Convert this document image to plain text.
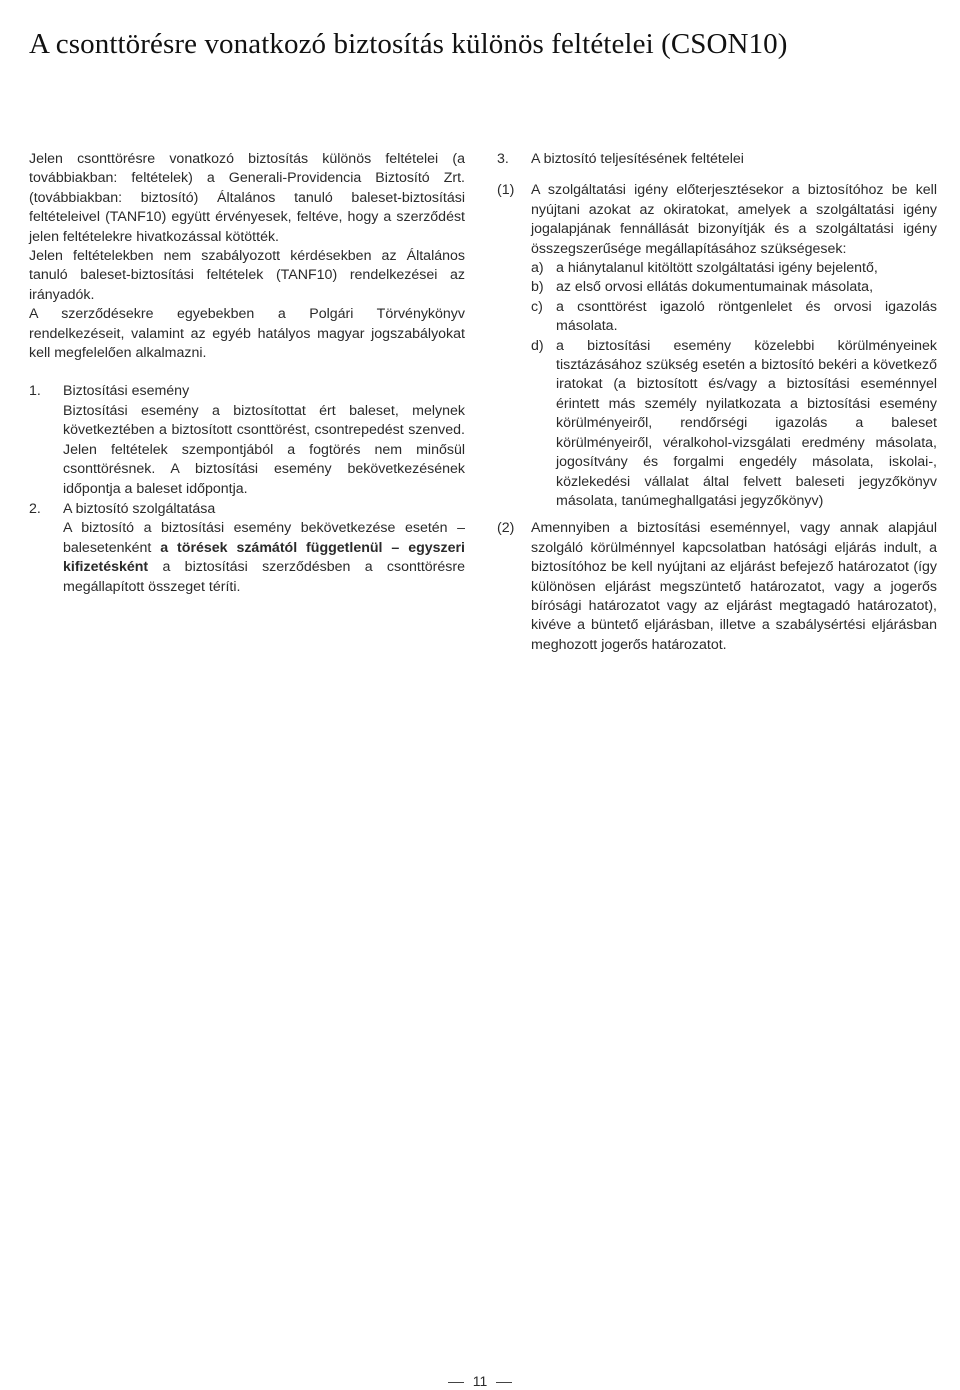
A csonttörésre vonatkozó biztosítás különös feltételei (CSON10)

Jelen csonttörésre vonatkozó biztosítás különös feltételei (a továbbiakban: feltételek) a Generali-Providencia Biztosító Zrt. (továbbiakban: biztosító) Általános tanuló baleset-biztosítási feltételeivel (TANF10) együtt érvényesek, feltéve, hogy a szerződést jelen feltételekre hivatkozással kötötték.

Jelen feltételekben nem szabályozott kérdésekben az Általános tanuló baleset-biztosítási feltételek (TANF10) rendelkezései az irányadók.

A szerződésekre egyebekben a Polgári Törvénykönyv rendelkezéseit, valamint az egyéb hatályos magyar jogszabályokat kell megfelelően alkalmazni.

1.	Biztosítási esemény
Biztosítási esemény a biztosítottat ért baleset, melynek következtében a biztosított csonttörést, csontrepedést szenved. Jelen feltételek szempontjából a fogtörés nem minősül csonttörésnek. A biztosítási esemény bekövetkezésének időpontja a baleset időpontja.
2.	A biztosító szolgáltatása
A biztosító a biztosítási esemény bekövetkezése esetén – balesetenként a törések számától függetlenül – egyszeri kifizetésként a biztosítási szerződésben a csonttörésre megállapított összeget téríti.
3.	A biztosító teljesítésének feltételei
(1)	A szolgáltatási igény előterjesztésekor a biztosítóhoz be kell nyújtani azokat az okiratokat, amelyek a szolgáltatási igény jogalapjának fennállását bizonyítják és a szolgáltatási igény összegszerűsége megállapításához szükségesek:
a) a hiánytalanul kitöltött szolgáltatási igény bejelentő,
b) az első orvosi ellátás dokumentumainak másolata,
c) a csonttörést igazoló röntgenlelet és orvosi igazolás másolata.
d) a biztosítási esemény közelebbi körülményeinek tisztázásához szükség esetén a biztosító bekéri a következő iratokat (a biztosított és/vagy a biztosítási eseménnyel érintett más személy nyilatkozata a biztosítási esemény körülményeiről, rendőrségi igazolás a baleset körülményeiről, véralkohol-vizsgálati eredmény másolata, jogosítvány és forgalmi engedély másolata, iskolai-, közlekedési vállalat által felvett baleseti jegyzőkönyv másolata, tanúmeghallgatási jegyzőkönyv)
(2)	Amennyiben a biztosítási eseménnyel, vagy annak alapjául szolgáló körülménnyel kapcsolatban hatósági eljárás indult, a biztosítóhoz be kell nyújtani az eljárást befejező határozatot (így különösen eljárást megszüntető határozatot, vagy a jogerős bírósági határozatot vagy az eljárást megtagadó határozatot), kivéve a büntető eljárásban, illetve a szabálysértési eljárásban meghozott jogerős határozatot.
11
